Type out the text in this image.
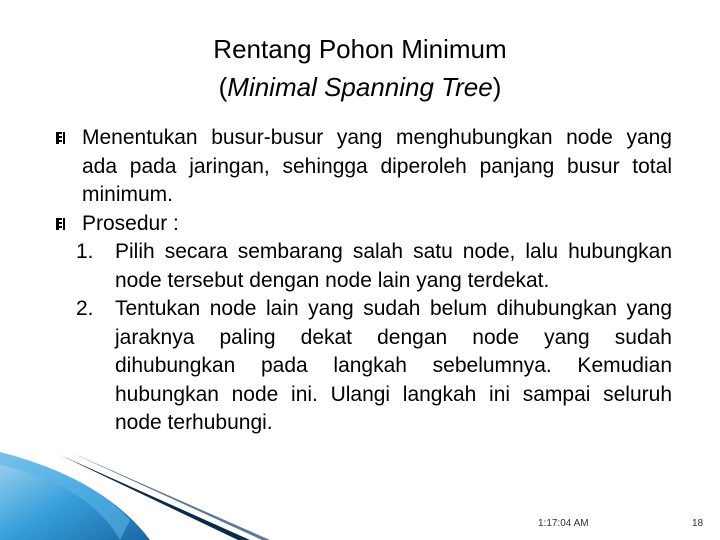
Rentang Pohon Minimum
(Minimal Spanning Tree)
Menentukan busur-busur yang menghubungkan node yang ada pada jaringan, sehingga diperoleh panjang busur total minimum.
Prosedur :
1. Pilih secara sembarang salah satu node, lalu hubungkan node tersebut dengan node lain yang terdekat.
2. Tentukan node lain yang sudah belum dihubungkan yang jaraknya paling dekat dengan node yang sudah dihubungkan pada langkah sebelumnya. Kemudian hubungkan node ini. Ulangi langkah ini sampai seluruh node terhubungi.
1:17:04 AM	18
